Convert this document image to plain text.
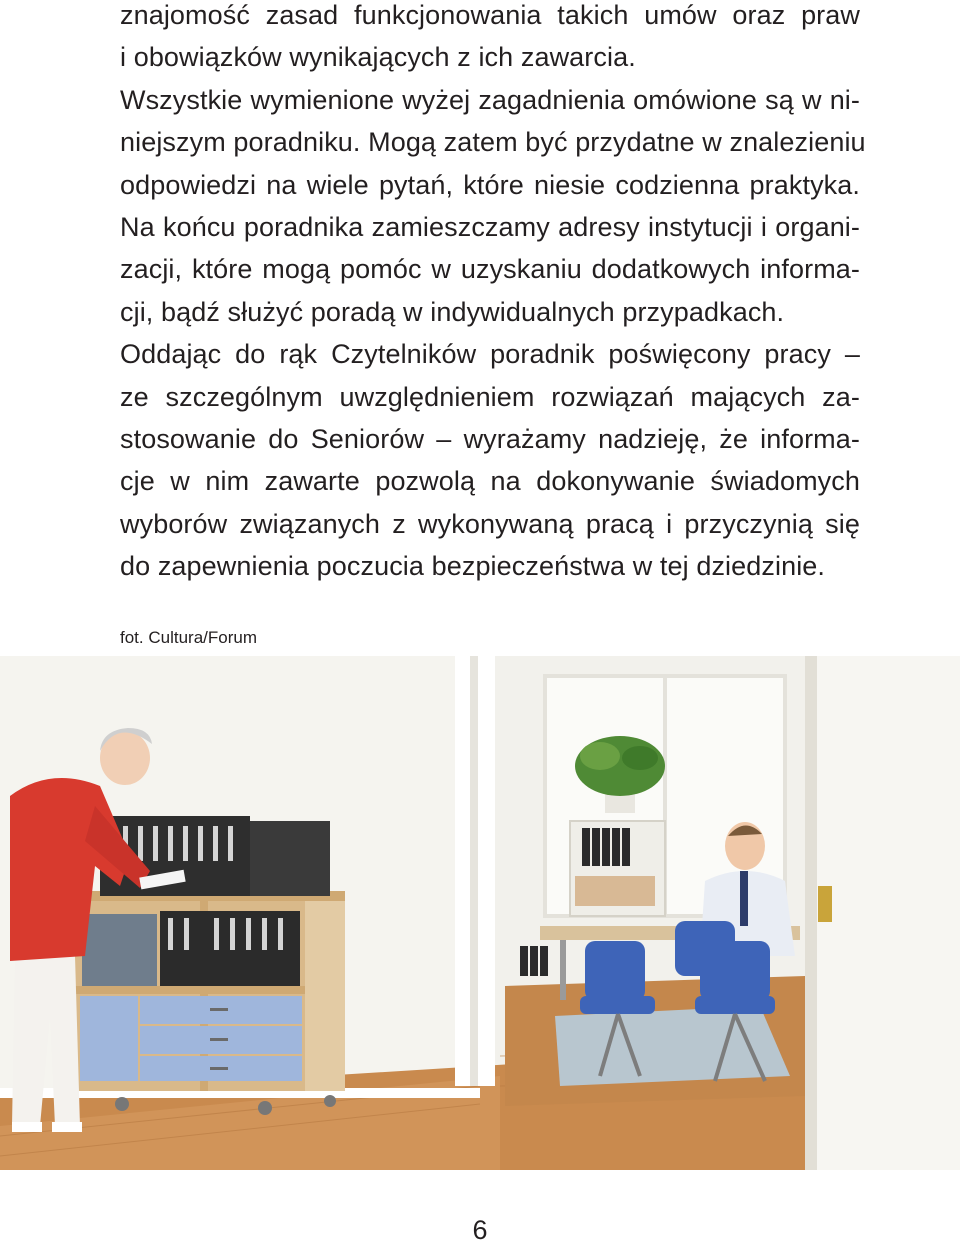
znajomość zasad funkcjonowania takich umów oraz praw
i obowiązków wynikających z ich zawarcia.
Wszystkie wymienione wyżej zagadnienia omówione są w ni-
niejszym poradniku. Mogą zatem być przydatne w znalezieniu
odpowiedzi na wiele pytań, które niesie codzienna praktyka.
Na końcu poradnika zamieszczamy adresy instytucji i organi-
zacji, które mogą pomóc w uzyskaniu dodatkowych informa-
cji, bądź służyć poradą w indywidualnych przypadkach.
Oddając do rąk Czytelników poradnik poświęcony pracy –
ze szczególnym uwzględnieniem rozwiązań mających za-
stosowanie do Seniorów – wyrażamy nadzieję, że informa-
cje w nim zawarte pozwolą na dokonywanie świadomych
wyborów związanych z wykonywaną pracą i przyczynią się
do zapewnienia poczucia bezpieczeństwa w tej dziedzinie.
fot. Cultura/Forum
6
